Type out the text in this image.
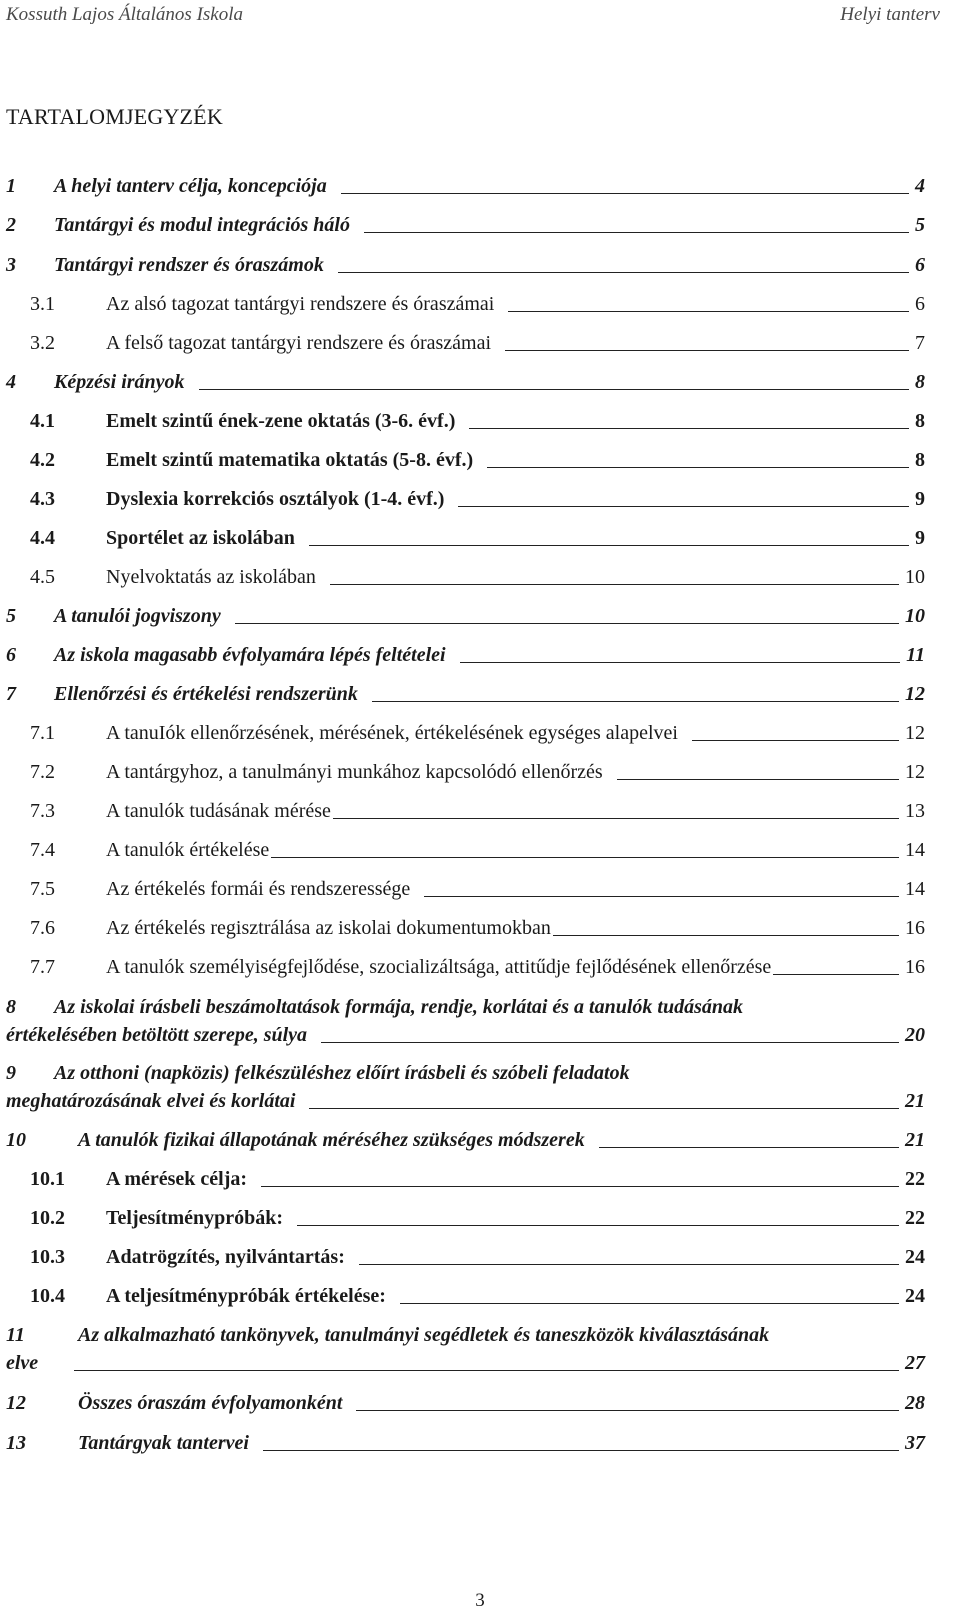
Kossuth Lajos Általános Iskola	Helyi tanterv
TARTALOMJEGYZÉK
1	A helyi tanterv célja, koncepciója	4
2	Tantárgyi és modul integrációs háló	5
3	Tantárgyi rendszer és óraszámok	6
3.1	Az alsó tagozat tantárgyi rendszere és óraszámai	6
3.2	A felső tagozat tantárgyi rendszere és óraszámai	7
4	Képzési irányok	8
4.1	Emelt szintű ének-zene oktatás (3-6. évf.)	8
4.2	Emelt szintű matematika oktatás (5-8. évf.)	8
4.3	Dyslexia korrekciós osztályok (1-4. évf.)	9
4.4	Sportélet az iskolában	9
4.5	Nyelvoktatás az iskolában	10
5	A tanulói jogviszony	10
6	Az iskola magasabb évfolyamára lépés feltételei	11
7	Ellenőrzési és értékelési rendszerünk	12
7.1	A tanuIók ellenőrzésének, mérésének, értékelésének egységes alapelvei	12
7.2	A tantárgyhoz, a tanulmányi munkához kapcsolódó ellenőrzés	12
7.3	A tanulók tudásának mérése	13
7.4	A tanulók értékelése	14
7.5	Az értékelés formái és rendszeressége	14
7.6	Az értékelés regisztrálása az iskolai dokumentumokban	16
7.7	A tanulók személyiségfejlődése, szocializáltsága, attitűdje fejlődésének ellenőrzése	16
8	Az iskolai írásbeli beszámoltatások formája, rendje, korlátai és a tanulók tudásának
értékelésében betöltött szerepe, súlya	20
9	Az otthoni (napközis) felkészüléshez előírt írásbeli és szóbeli feladatok
meghatározásának elvei és korlátai	21
10	A tanulók fizikai állapotának méréséhez szükséges módszerek	21
10.1	A mérések célja:	22
10.2	Teljesítménypróbák:	22
10.3	Adatrögzítés, nyilvántartás:	24
10.4	A teljesítménypróbák értékelése:	24
11	Az alkalmazható tankönyvek, tanulmányi segédletek és taneszközök kiválasztásának
elve	27
12	Összes óraszám évfolyamonként	28
13	Tantárgyak tantervei	37
3
